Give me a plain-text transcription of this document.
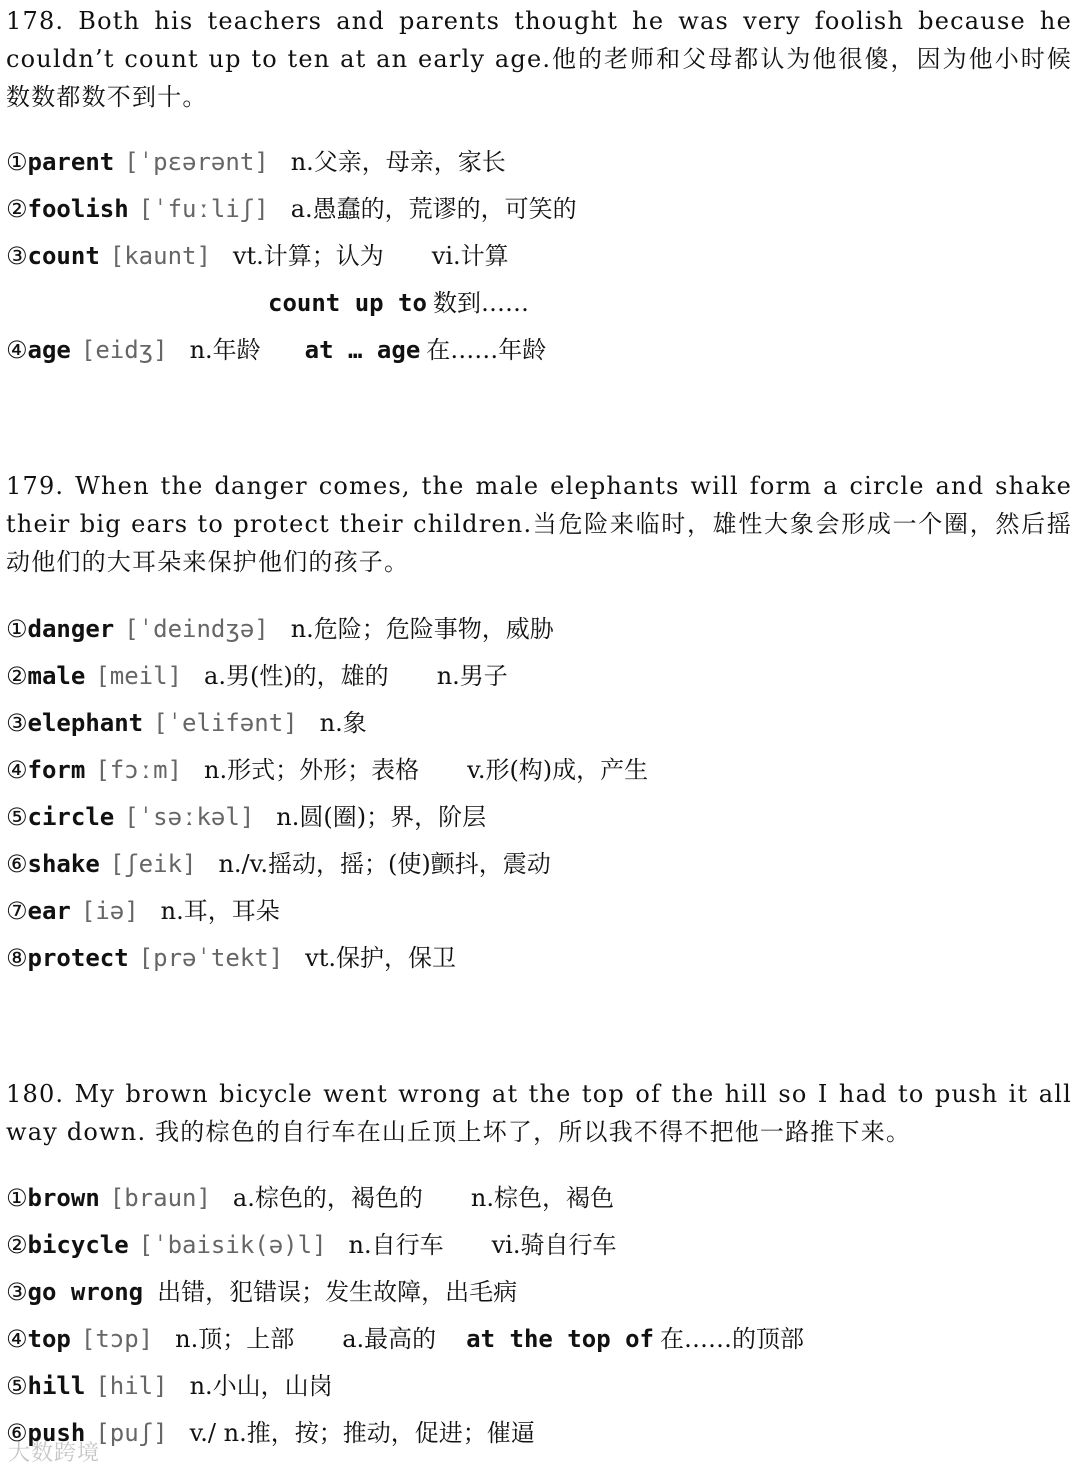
178. Both his teachers and parents thought he was very foolish because he couldn’t count up to ten at an early age.他的老师和父母都认为他很傻，因为他小时候数数都数不到十。

①parent [ˈpɛərənt] n.父亲，母亲，家长
②foolish [ˈfuːliʃ] a.愚蠢的，荒谬的，可笑的
③count [kaunt] vt.计算；认为 vi.计算
count up to 数到……
④age [eidʒ] n.年龄 at … age 在……年龄

179. When the danger comes, the male elephants will form a circle and shake their big ears to protect their children.当危险来临时，雄性大象会形成一个圈，然后摇动他们的大耳朵来保护他们的孩子。

①danger [ˈdeindʒə] n.危险；危险事物，威胁
②male [meil] a.男(性)的，雄的 n.男子
③elephant [ˈelifənt] n.象
④form [fɔːm] n.形式；外形；表格 v.形(构)成，产生
⑤circle [ˈsəːkəl] n.圆(圈)；界，阶层
⑥shake [ʃeik] n./v.摇动，摇；(使)颤抖，震动
⑦ear [iə] n.耳，耳朵
⑧protect [prəˈtekt] vt.保护，保卫

180. My brown bicycle went wrong at the top of the hill so I had to push it all way down. 我的棕色的自行车在山丘顶上坏了，所以我不得不把他一路推下来。

①brown [braun] a.棕色的，褐色的 n.棕色，褐色
②bicycle [ˈbaisik(ə)l] n.自行车 vi.骑自行车
③go wrong 出错，犯错误；发生故障，出毛病
④top [tɔp] n.顶；上部 a.最高的 at the top of 在……的顶部
⑤hill [hil] n.小山，山岗
⑥push [puʃ] v./ n.推，按；推动，促进；催逼
大数跨境
